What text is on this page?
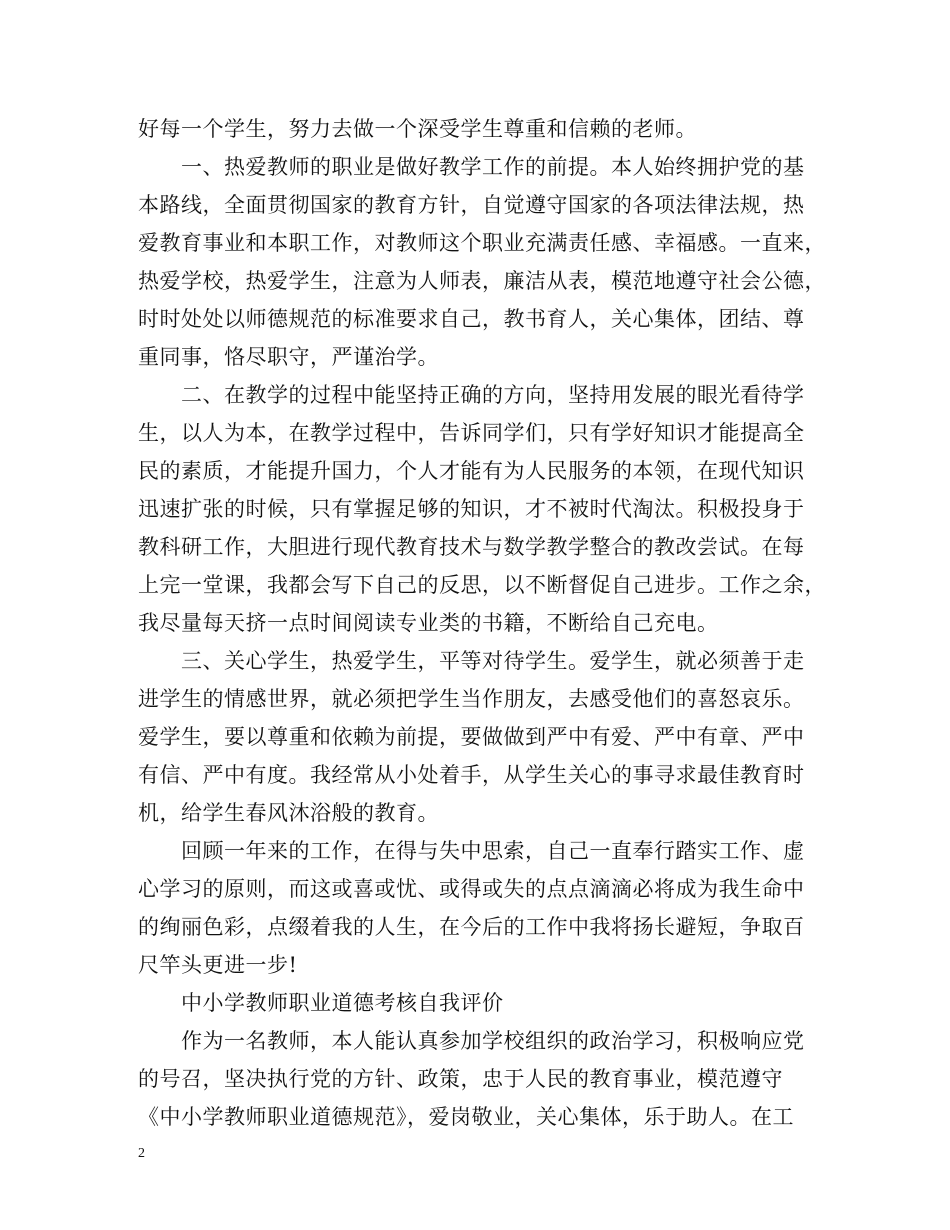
好每一个学生，努力去做一个深受学生尊重和信赖的老师。
一、热爱教师的职业是做好教学工作的前提。本人始终拥护党的基
本路线，全面贯彻国家的教育方针，自觉遵守国家的各项法律法规，热
爱教育事业和本职工作，对教师这个职业充满责任感、幸福感。一直来，
热爱学校，热爱学生，注意为人师表，廉洁从表，模范地遵守社会公德，
时时处处以师德规范的标准要求自己，教书育人，关心集体，团结、尊
重同事，恪尽职守，严谨治学。
二、在教学的过程中能坚持正确的方向，坚持用发展的眼光看待学
生，以人为本，在教学过程中，告诉同学们，只有学好知识才能提高全
民的素质，才能提升国力，个人才能有为人民服务的本领，在现代知识
迅速扩张的时候，只有掌握足够的知识，才不被时代淘汰。积极投身于
教科研工作，大胆进行现代教育技术与数学教学整合的教改尝试。在每
上完一堂课，我都会写下自己的反思，以不断督促自己进步。工作之余，
我尽量每天挤一点时间阅读专业类的书籍，不断给自己充电。
三、关心学生，热爱学生，平等对待学生。爱学生，就必须善于走
进学生的情感世界，就必须把学生当作朋友，去感受他们的喜怒哀乐。
爱学生，要以尊重和依赖为前提，要做做到严中有爱、严中有章、严中
有信、严中有度。我经常从小处着手，从学生关心的事寻求最佳教育时
机，给学生春风沐浴般的教育。
回顾一年来的工作，在得与失中思索，自己一直奉行踏实工作、虚
心学习的原则，而这或喜或忧、或得或失的点点滴滴必将成为我生命中
的绚丽色彩，点缀着我的人生，在今后的工作中我将扬长避短，争取百
尺竿头更进一步!
中小学教师职业道德考核自我评价
作为一名教师，本人能认真参加学校组织的政治学习，积极响应党
的号召，坚决执行党的方针、政策，忠于人民的教育事业，模范遵守
《中小学教师职业道德规范》，爱岗敬业，关心集体，乐于助人。在工
2
